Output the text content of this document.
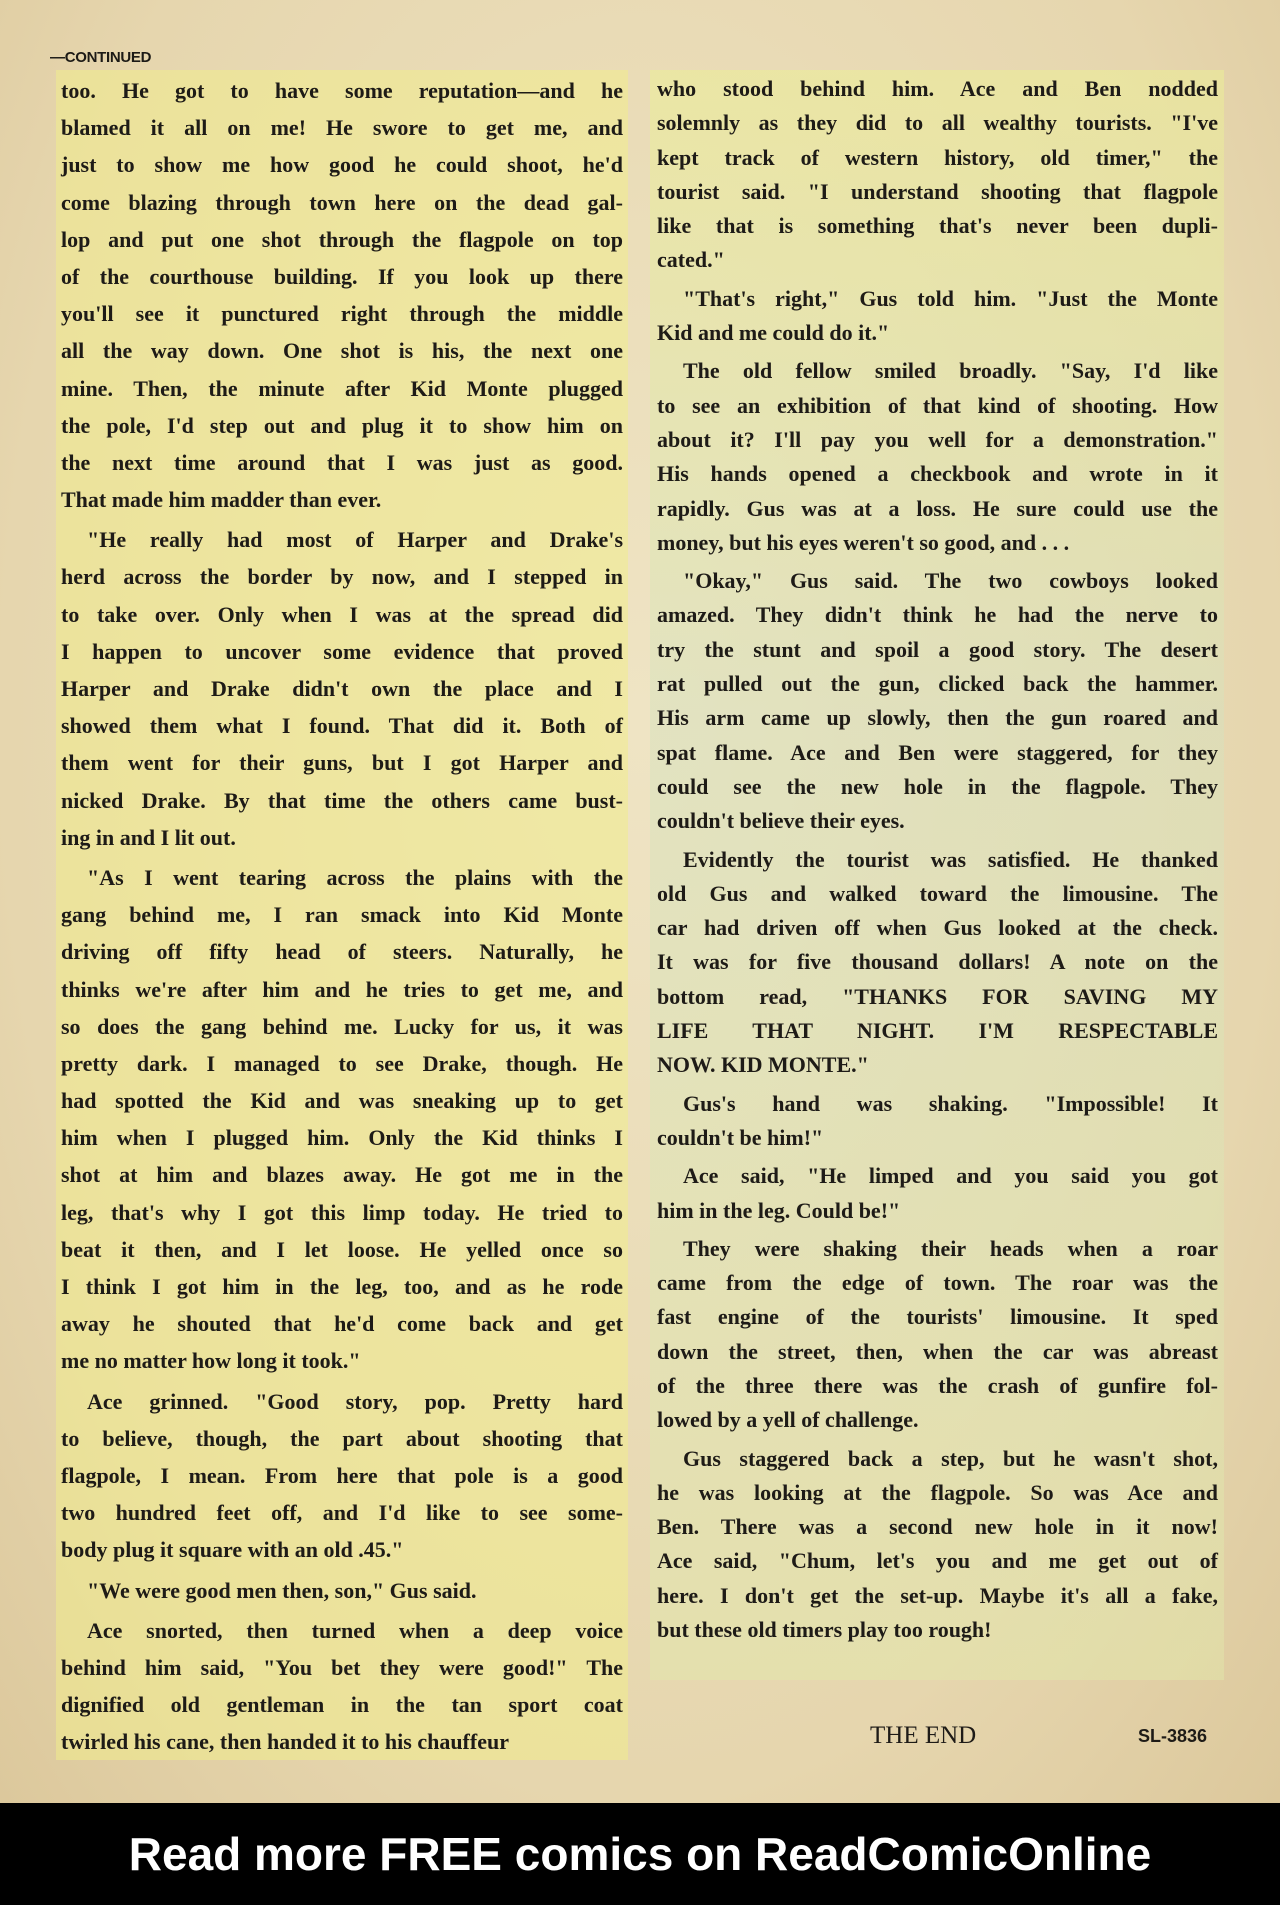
—CONTINUED
too. He got to have some reputation—and he
blamed it all on me! He swore to get me, and
just to show me how good he could shoot, he'd
come blazing through town here on the dead gal-
lop and put one shot through the flagpole on top
of the courthouse building. If you look up there
you'll see it punctured right through the middle
all the way down. One shot is his, the next one
mine. Then, the minute after Kid Monte plugged
the pole, I'd step out and plug it to show him on
the next time around that I was just as good.
That made him madder than ever.
"He really had most of Harper and Drake's
herd across the border by now, and I stepped in
to take over. Only when I was at the spread did
I happen to uncover some evidence that proved
Harper and Drake didn't own the place and I
showed them what I found. That did it. Both of
them went for their guns, but I got Harper and
nicked Drake. By that time the others came bust-
ing in and I lit out.
"As I went tearing across the plains with the
gang behind me, I ran smack into Kid Monte
driving off fifty head of steers. Naturally, he
thinks we're after him and he tries to get me, and
so does the gang behind me. Lucky for us, it was
pretty dark. I managed to see Drake, though. He
had spotted the Kid and was sneaking up to get
him when I plugged him. Only the Kid thinks I
shot at him and blazes away. He got me in the
leg, that's why I got this limp today. He tried to
beat it then, and I let loose. He yelled once so
I think I got him in the leg, too, and as he rode
away he shouted that he'd come back and get
me no matter how long it took."
Ace grinned. "Good story, pop. Pretty hard
to believe, though, the part about shooting that
flagpole, I mean. From here that pole is a good
two hundred feet off, and I'd like to see some-
body plug it square with an old .45."
"We were good men then, son," Gus said.
Ace snorted, then turned when a deep voice
behind him said, "You bet they were good!" The
dignified old gentleman in the tan sport coat
twirled his cane, then handed it to his chauffeur
who stood behind him. Ace and Ben nodded
solemnly as they did to all wealthy tourists. "I've
kept track of western history, old timer," the
tourist said. "I understand shooting that flagpole
like that is something that's never been dupli-
cated."
"That's right," Gus told him. "Just the Monte
Kid and me could do it."
The old fellow smiled broadly. "Say, I'd like
to see an exhibition of that kind of shooting. How
about it? I'll pay you well for a demonstration."
His hands opened a checkbook and wrote in it
rapidly. Gus was at a loss. He sure could use the
money, but his eyes weren't so good, and . . .
"Okay," Gus said. The two cowboys looked
amazed. They didn't think he had the nerve to
try the stunt and spoil a good story. The desert
rat pulled out the gun, clicked back the hammer.
His arm came up slowly, then the gun roared and
spat flame. Ace and Ben were staggered, for they
could see the new hole in the flagpole. They
couldn't believe their eyes.
Evidently the tourist was satisfied. He thanked
old Gus and walked toward the limousine. The
car had driven off when Gus looked at the check.
It was for five thousand dollars! A note on the
bottom read, "THANKS FOR SAVING MY
LIFE THAT NIGHT. I'M RESPECTABLE
NOW. KID MONTE."
Gus's hand was shaking. "Impossible! It
couldn't be him!"
Ace said, "He limped and you said you got
him in the leg. Could be!"
They were shaking their heads when a roar
came from the edge of town. The roar was the
fast engine of the tourists' limousine. It sped
down the street, then, when the car was abreast
of the three there was the crash of gunfire fol-
lowed by a yell of challenge.
Gus staggered back a step, but he wasn't shot,
he was looking at the flagpole. So was Ace and
Ben. There was a second new hole in it now!
Ace said, "Chum, let's you and me get out of
here. I don't get the set-up. Maybe it's all a fake,
but these old timers play too rough!
THE END	SL-3836
Read more FREE comics on ReadComicOnline
